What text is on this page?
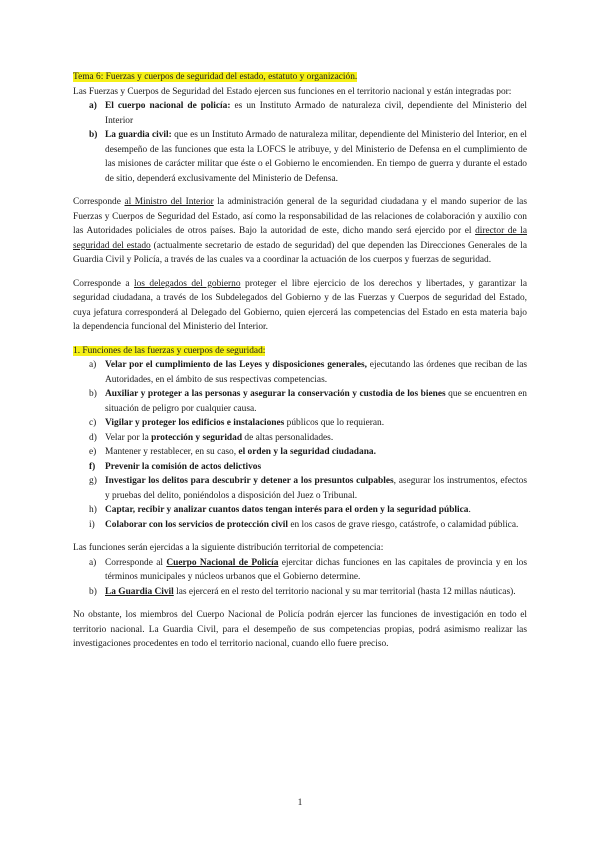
Tema 6: Fuerzas y cuerpos de seguridad del estado, estatuto y organización.

Las Fuerzas y Cuerpos de Seguridad del Estado ejercen sus funciones en el territorio nacional y están integradas por:

a) El cuerpo nacional de policía: es un Instituto Armado de naturaleza civil, dependiente del Ministerio del Interior
b) La guardia civil: que es un Instituto Armado de naturaleza militar, dependiente del Ministerio del Interior, en el desempeño de las funciones que esta la LOFCS le atribuye, y del Ministerio de Defensa en el cumplimiento de las misiones de carácter militar que éste o el Gobierno le encomienden. En tiempo de guerra y durante el estado de sitio, dependerá exclusivamente del Ministerio de Defensa.

Corresponde al Ministro del Interior la administración general de la seguridad ciudadana y el mando superior de las Fuerzas y Cuerpos de Seguridad del Estado, así como la responsabilidad de las relaciones de colaboración y auxilio con las Autoridades policiales de otros países. Bajo la autoridad de este, dicho mando será ejercido por el director de la seguridad del estado (actualmente secretario de estado de seguridad) del que dependen las Direcciones Generales de la Guardia Civil y Policía, a través de las cuales va a coordinar la actuación de los cuerpos y fuerzas de seguridad.

Corresponde a los delegados del gobierno proteger el libre ejercicio de los derechos y libertades, y garantizar la seguridad ciudadana, a través de los Subdelegados del Gobierno y de las Fuerzas y Cuerpos de seguridad del Estado, cuya jefatura corresponderá al Delegado del Gobierno, quien ejercerá las competencias del Estado en esta materia bajo la dependencia funcional del Ministerio del Interior.

1. Funciones de las fuerzas y cuerpos de seguridad:

a) Velar por el cumplimiento de las Leyes y disposiciones generales, ejecutando las órdenes que reciban de las Autoridades, en el ámbito de sus respectivas competencias.
b) Auxiliar y proteger a las personas y asegurar la conservación y custodia de los bienes que se encuentren en situación de peligro por cualquier causa.
c) Vigilar y proteger los edificios e instalaciones públicos que lo requieran.
d) Velar por la protección y seguridad de altas personalidades.
e) Mantener y restablecer, en su caso, el orden y la seguridad ciudadana.
f) Prevenir la comisión de actos delictivos
g) Investigar los delitos para descubrir y detener a los presuntos culpables, asegurar los instrumentos, efectos y pruebas del delito, poniéndolos a disposición del Juez o Tribunal.
h) Captar, recibir y analizar cuantos datos tengan interés para el orden y la seguridad pública.
i) Colaborar con los servicios de protección civil en los casos de grave riesgo, catástrofe, o calamidad pública.

Las funciones serán ejercidas a la siguiente distribución territorial de competencia:

a) Corresponde al Cuerpo Nacional de Policía ejercitar dichas funciones en las capitales de provincia y en los términos municipales y núcleos urbanos que el Gobierno determine.
b) La Guardia Civil las ejercerá en el resto del territorio nacional y su mar territorial (hasta 12 millas náuticas).

No obstante, los miembros del Cuerpo Nacional de Policía podrán ejercer las funciones de investigación en todo el territorio nacional. La Guardia Civil, para el desempeño de sus competencias propias, podrá asimismo realizar las investigaciones procedentes en todo el territorio nacional, cuando ello fuere preciso.

1
